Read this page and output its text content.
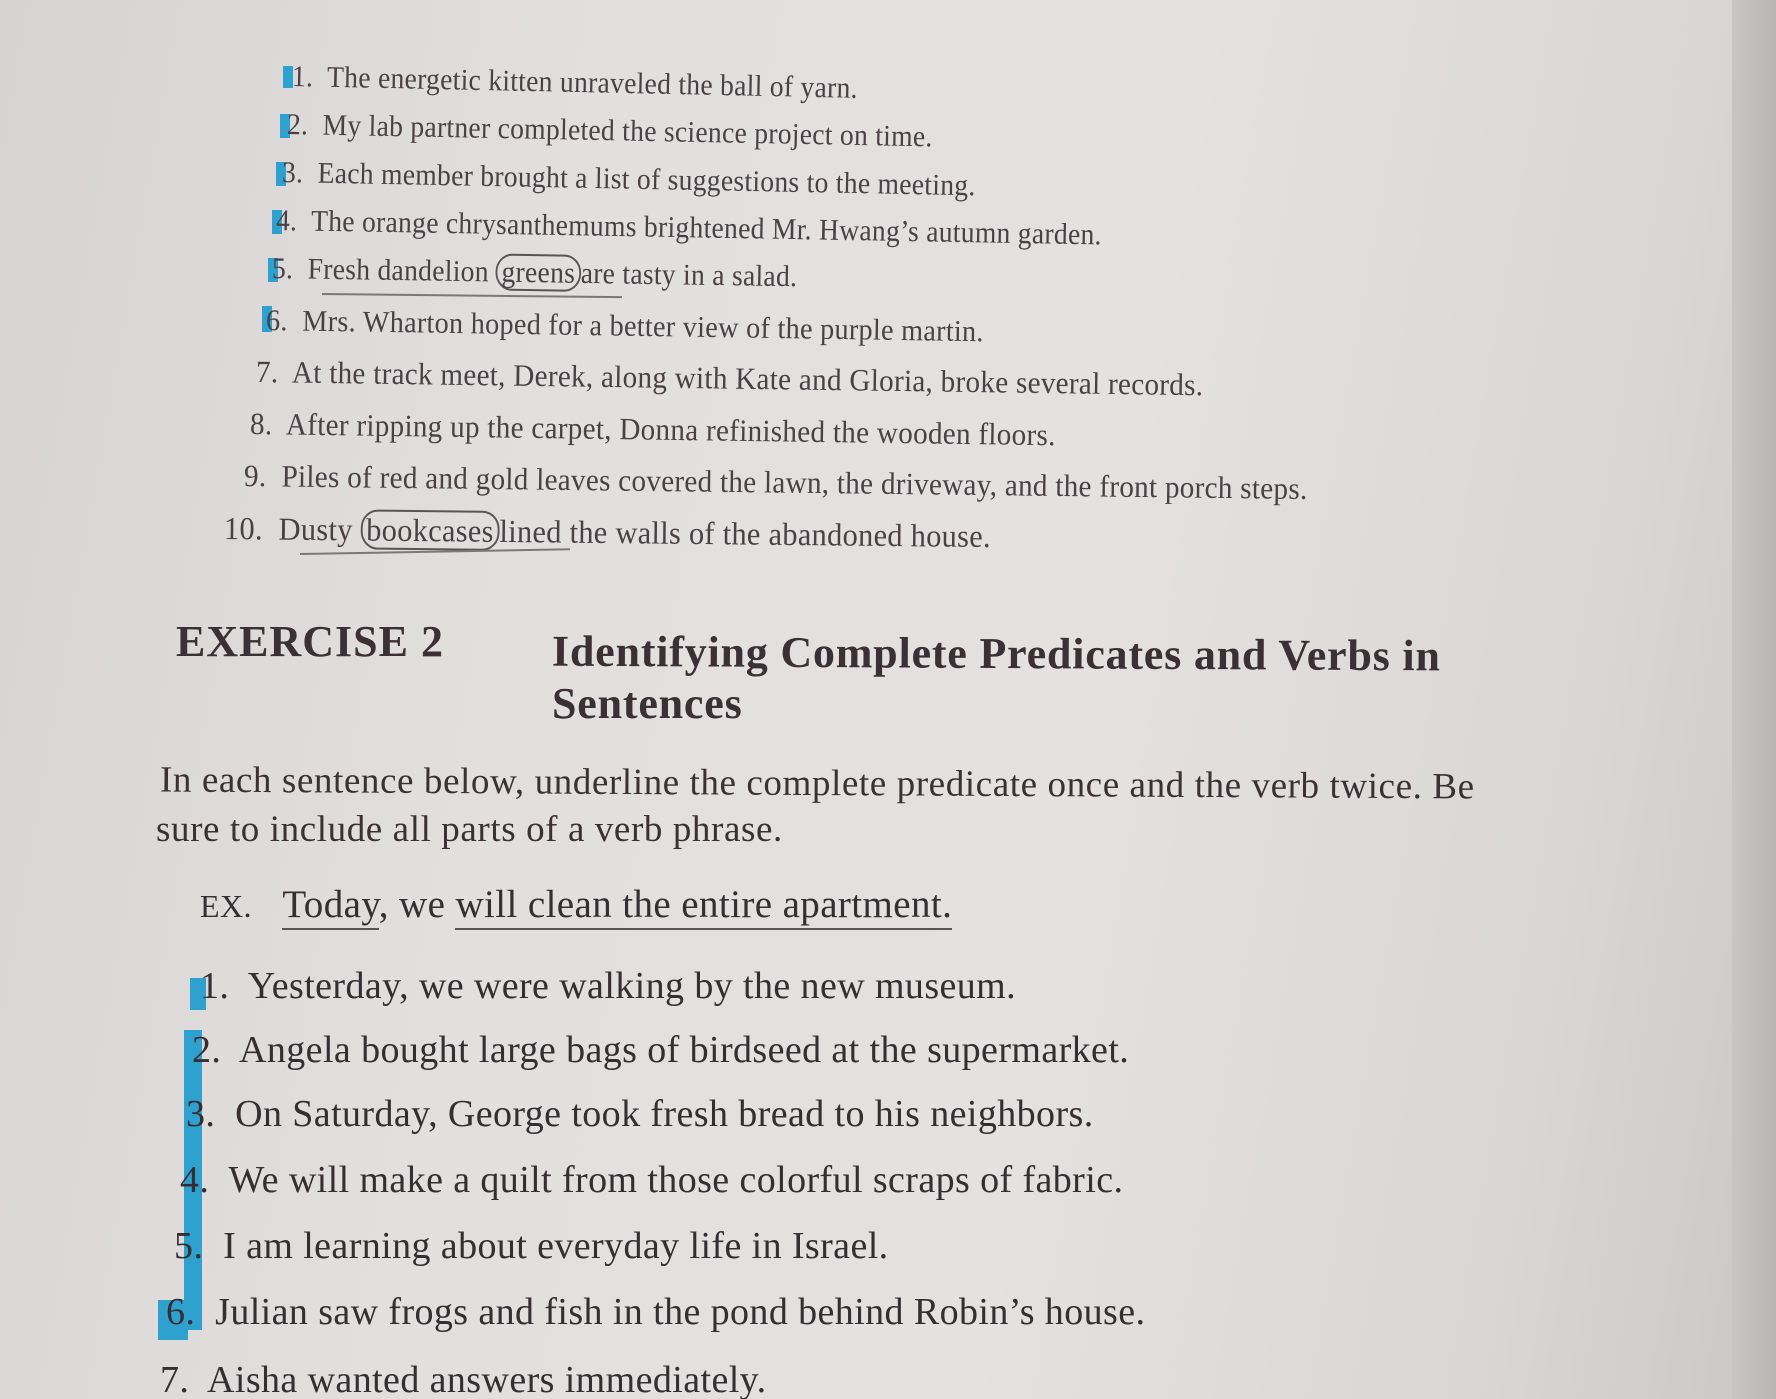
1. The energetic kitten unraveled the ball of yarn.
2. My lab partner completed the science project on time.
3. Each member brought a list of suggestions to the meeting.
4. The orange chrysanthemums brightened Mr. Hwang’s autumn garden.
5. Fresh dandelion greens are tasty in a salad.
6. Mrs. Wharton hoped for a better view of the purple martin.
7. At the track meet, Derek, along with Kate and Gloria, broke several records.
8. After ripping up the carpet, Donna refinished the wooden floors.
9. Piles of red and gold leaves covered the lawn, the driveway, and the front porch steps.
10. Dusty bookcases lined the walls of the abandoned house.
EXERCISE 2 Identifying Complete Predicates and Verbs in
Sentences
In each sentence below, underline the complete predicate once and the verb twice. Be
sure to include all parts of a verb phrase.
EX. Today, we will clean the entire apartment.
1. Yesterday, we were walking by the new museum.
2. Angela bought large bags of birdseed at the supermarket.
3. On Saturday, George took fresh bread to his neighbors.
4. We will make a quilt from those colorful scraps of fabric.
5. I am learning about everyday life in Israel.
6. Julian saw frogs and fish in the pond behind Robin’s house.
7. Aisha wanted answers immediately.
